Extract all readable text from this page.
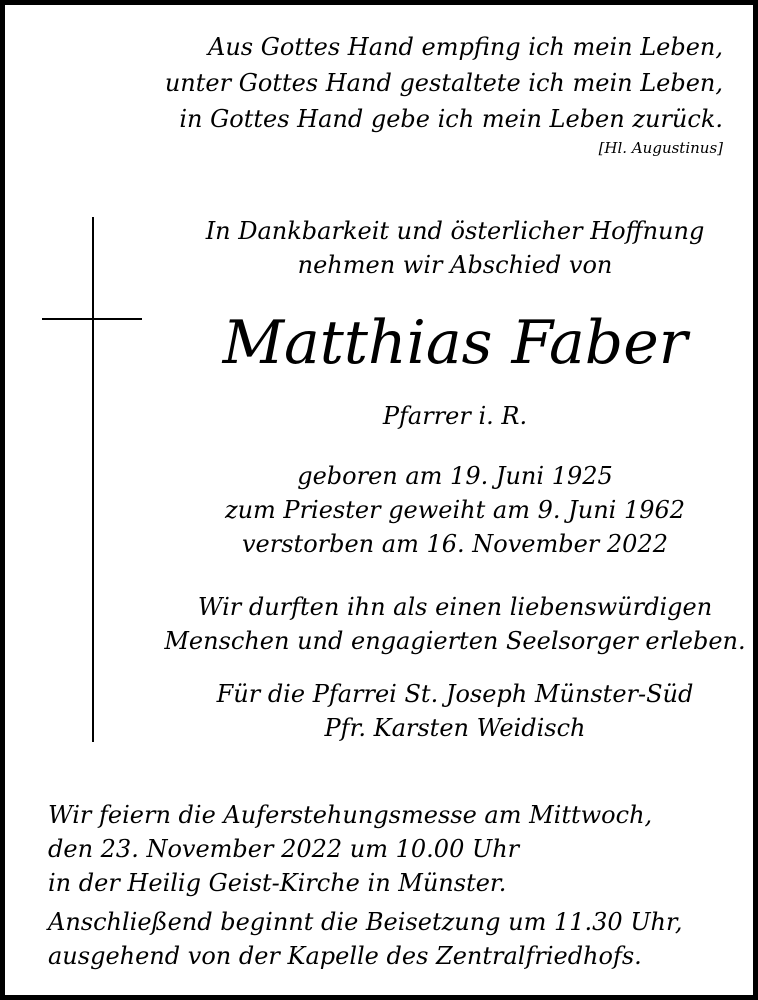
Aus Gottes Hand empfing ich mein Leben,
unter Gottes Hand gestaltete ich mein Leben,
in Gottes Hand gebe ich mein Leben zurück.
[Hl. Augustinus]
In Dankbarkeit und österlicher Hoffnung
nehmen wir Abschied von
Matthias Faber
Pfarrer i. R.
geboren am 19. Juni 1925
zum Priester geweiht am 9. Juni 1962
verstorben am 16. November 2022
Wir durften ihn als einen liebenswürdigen
Menschen und engagierten Seelsorger erleben.
Für die Pfarrei St. Joseph Münster-Süd
Pfr. Karsten Weidisch
Wir feiern die Auferstehungsmesse am Mittwoch,
den 23. November 2022 um 10.00 Uhr
in der Heilig Geist-Kirche in Münster.
Anschließend beginnt die Beisetzung um 11.30 Uhr,
ausgehend von der Kapelle des Zentralfriedhofs.
